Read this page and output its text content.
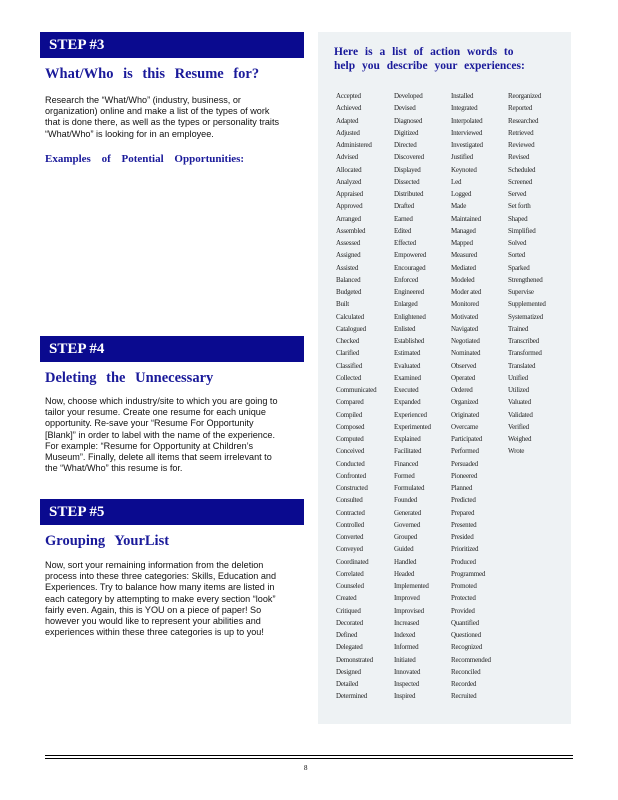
STEP #3
What/Who is this Resume for?

Research the “What/Who” (industry, business, or organization) online and make a list of the types of work that is done there, as well as the types or personality traits “What/Who” is looking for in an employee.

Examples of Potential Opportunities:
STEP #4
Deleting the Unnecessary

Now, choose which industry/site to which you are going to tailor your resume. Create one resume for each unique opportunity. Re-save your “Resume For Opportunity [Blank]” in order to label with the name of the experience. For example: “Resume for Opportunity at Children’s Museum”. Finally, delete all items that seem irrelevant to the “What/Who” this resume is for.

STEP #5
Grouping YourList

Now, sort your remaining information from the deletion process into these three categories: Skills, Education and Experiences. Try to balance how many items are listed in each category by attempting to make every section “look” fairly even. Again, this is YOU on a piece of paper! So however you would like to represent your abilities and experiences within these three categories is up to you!

Here is a list of action words to help you describe your experiences:
Accepted
Achieved
Adapted
Adjusted
Administered
Advised
Allocated
Analyzed
Appraised
Approved
Arranged
Assembled
Assessed
Assigned
Assisted
Balanced
Budgeted
Built
Calculated
Catalogued
Checked
Clarified
Classified
Collected
Communicated
Compared
Compiled
Composed
Computed
Conceived
Conducted
Confronted
Constructed
Consulted
Contracted
Controlled
Converted
Conveyed
Coordinated
Correlated
Counseled
Created
Critiqued
Decorated
Defined
Delegated
Demonstrated
Designed
Detailed
Determined
Developed
Devised
Diagnosed
Digitized
Directed
Discovered
Displayed
Dissected
Distributed
Drafted
Earned
Edited
Effected
Empowered
Encouraged
Enforced
Engineered
Enlarged
Enlightened
Enlisted
Established
Estimated
Evaluated
Examined
Executed
Expanded
Experienced
Experimented
Explained
Facilitated
Financed
Formed
Formulated
Founded
Generated
Governed
Grouped
Guided
Handled
Headed
Implemented
Improved
Improvised
Increased
Indexed
Informed
Initiated
Innovated
Inspected
Inspired
Installed
Integrated
Interpolated
Interviewed
Investigated
Justified
Keynoted
Led
Logged
Made
Maintained
Managed
Mapped
Measured
Mediated
Modeled
Moder ated
Monitored
Motivated
Navigated
Negotiated
Nominated
Observed
Operated
Ordered
Organized
Originated
Overcame
Participated
Performed
Persuaded
Pioneered
Planned
Predicted
Prepared
Presented
Presided
Prioritized
Produced
Programmed
Promoted
Protected
Provided
Quantified
Questioned
Recognized
Recommended
Reconciled
Recorded
Recruited
Reorganized
Reported
Researched
Retrieved
Reviewed
Revised
Scheduled
Screened
Served
Set forth
Shaped
Simplified
Solved
Sorted
Sparked
Strengthened
Supervise
Supplemented
Systematized
Trained
Transcribed
Transformed
Translated
Unified
Utilized
Valuated
Validated
Verified
Weighed
Wrote
8
